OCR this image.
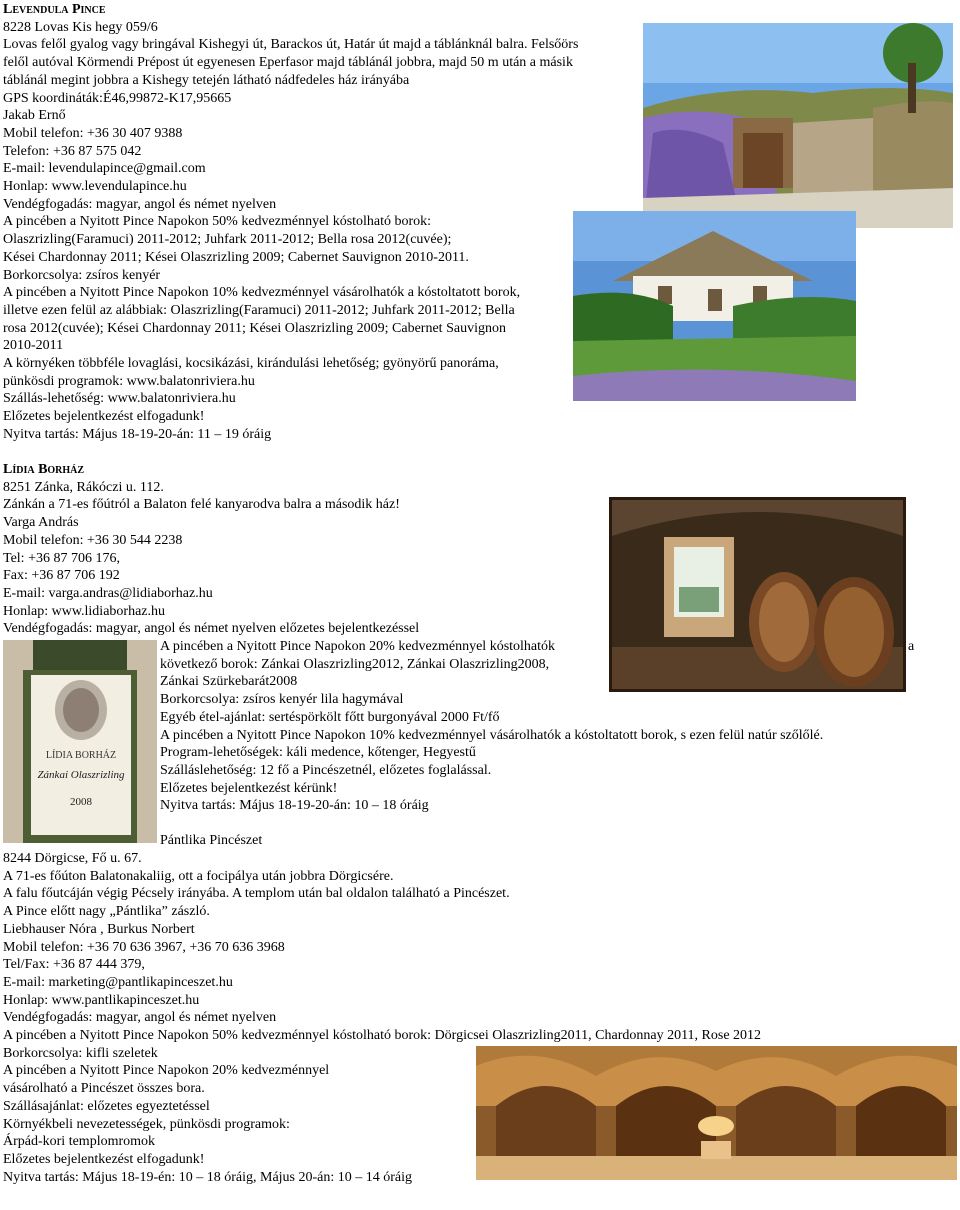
Levendula Pince
8228 Lovas Kis hegy 059/6
Lovas felől gyalog vagy bringával Kishegyi út, Barackos út, Határ út majd a táblánknál balra. Felsőörs
felől autóval Körmendi Prépost út egyenesen Eperfasor majd táblánál jobbra, majd 50 m után a másik
táblánál megint jobbra a Kishegy tetején látható nádfedeles ház irányába
GPS koordináták:É46,99872-K17,95665
Jakab Ernő
Mobil telefon: +36 30 407 9388
Telefon: +36 87 575 042
E-mail: levendulapince@gmail.com
Honlap: www.levendulapince.hu
Vendégfogadás: magyar, angol és német nyelven
A pincében a Nyitott Pince Napokon 50% kedvezménnyel kóstolható borok:
Olaszrizling(Faramuci) 2011-2012; Juhfark 2011-2012; Bella rosa 2012(cuvée);
Kései Chardonnay 2011; Kései Olaszrizling 2009; Cabernet Sauvignon 2010-2011.
Borkorcsolya: zsíros kenyér
A pincében a Nyitott Pince Napokon 10% kedvezménnyel vásárolhatók a kóstoltatott borok,
illetve ezen felül az alábbiak: Olaszrizling(Faramuci) 2011-2012; Juhfark 2011-2012; Bella
rosa 2012(cuvée); Kései Chardonnay 2011; Kései Olaszrizling 2009; Cabernet Sauvignon
2010-2011
A környéken többféle lovaglási, kocsikázási, kirándulási lehetőség; gyönyörű panoráma,
pünkösdi programok: www.balatonriviera.hu
Szállás-lehetőség: www.balatonriviera.hu
Előzetes bejelentkezést elfogadunk!
Nyitva tartás: Május 18-19-20-án: 11 – 19 óráig
Lídia Borház
8251 Zánka, Rákóczi u. 112.
Zánkán a 71-es főútról a Balaton felé kanyarodva balra a második ház!
Varga András
Mobil telefon: +36 30 544 2238
Tel: +36 87 706 176,
Fax: +36 87 706 192
E-mail: varga.andras@lidiaborhaz.hu
Honlap: www.lidiaborhaz.hu
Vendégfogadás: magyar, angol és német nyelven előzetes bejelentkezéssel
A pincében a Nyitott Pince Napokon 20% kedvezménnyel kóstolhatók
következő borok: Zánkai Olaszrizling2012, Zánkai Olaszrizling2008,
Zánkai Szürkebarát2008
Borkorcsolya: zsíros kenyér lila hagymával
Egyéb étel-ajánlat: sertéspörkölt főtt burgonyával 2000 Ft/fő
A pincében a Nyitott Pince Napokon 10% kedvezménnyel vásárolhatók a kóstoltatott borok, s ezen felül natúr szőlőlé.
Program-lehetőségek: káli medence, kőtenger, Hegyestű
Szálláslehetőség: 12 fő a Pincészetnél, előzetes foglalással.
Előzetes bejelentkezést kérünk!
Nyitva tartás: Május 18-19-20-án: 10 – 18 óráig
a
LÍDIA BORHÁZ
Zánkai Olaszrizling
2008
Pántlika Pincészet
8244 Dörgicse, Fő u. 67.
A 71-es főúton Balatonakaliig, ott a focipálya után jobbra Dörgicsére.
A falu főutcáján végig Pécsely irányába. A templom után bal oldalon található a Pincészet.
A Pince előtt nagy „Pántlika” zászló.
Liebhauser Nóra , Burkus Norbert
Mobil telefon: +36 70 636 3967, +36 70 636 3968
Tel/Fax: +36 87 444 379,
E-mail: marketing@pantlikapinceszet.hu
Honlap: www.pantlikapinceszet.hu
Vendégfogadás: magyar, angol és német nyelven
A pincében a Nyitott Pince Napokon 50% kedvezménnyel kóstolható borok: Dörgicsei Olaszrizling2011, Chardonnay 2011, Rose 2012
Borkorcsolya: kifli szeletek
A pincében a Nyitott Pince Napokon 20% kedvezménnyel
vásárolható a Pincészet összes bora.
Szállásajánlat: előzetes egyeztetéssel
Környékbeli nevezetességek, pünkösdi programok:
Árpád-kori templomromok
Előzetes bejelentkezést elfogadunk!
Nyitva tartás: Május 18-19-én: 10 – 18 óráig, Május 20-án: 10 – 14 óráig
